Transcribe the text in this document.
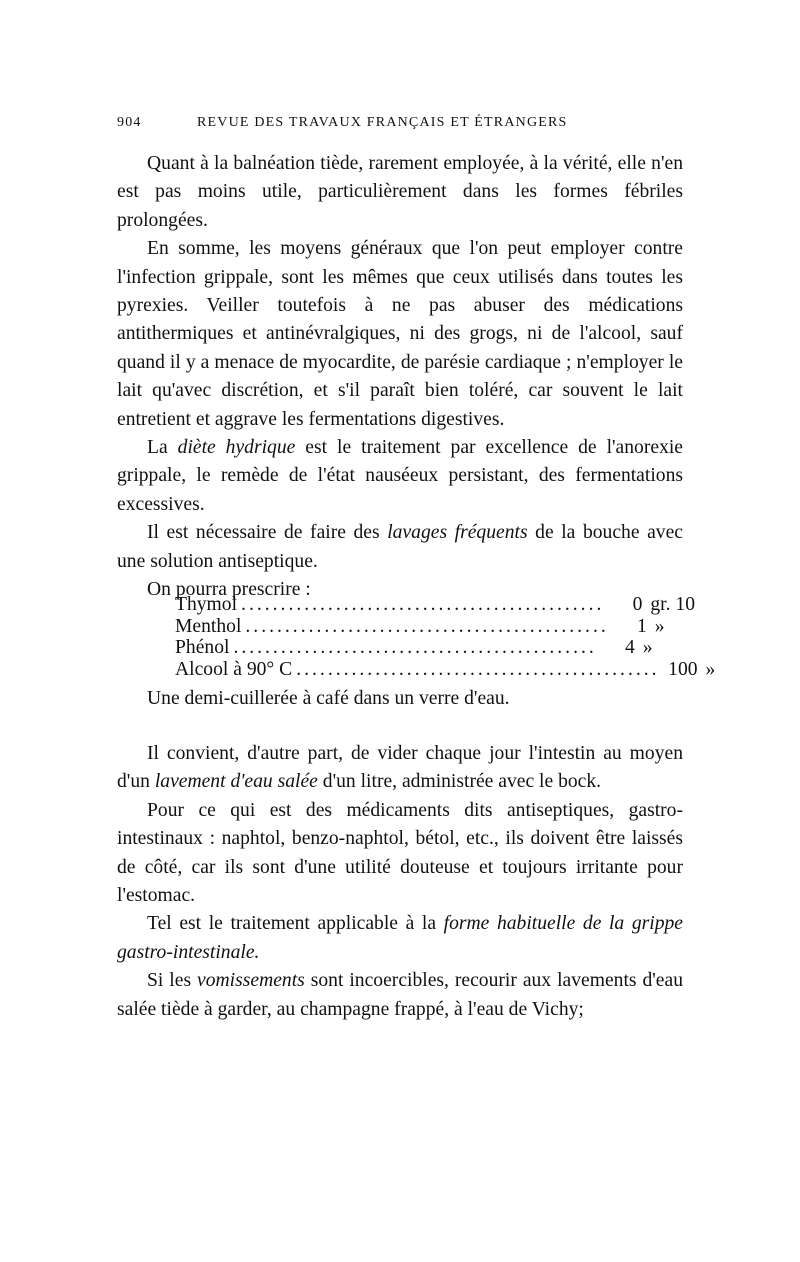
904	REVUE DES TRAVAUX FRANÇAIS ET ÉTRANGERS

Quant à la balnéation tiède, rarement employée, à la vérité, elle n'en est pas moins utile, particulièrement dans les formes fébriles prolongées.

En somme, les moyens généraux que l'on peut employer contre l'infection grippale, sont les mêmes que ceux utilisés dans toutes les pyrexies. Veiller toutefois à ne pas abuser des médications antithermiques et antinévralgiques, ni des grogs, ni de l'alcool, sauf quand il y a menace de myocardite, de parésie cardiaque ; n'employer le lait qu'avec discrétion, et s'il paraît bien toléré, car souvent le lait entretient et aggrave les fermentations digestives.

La diète hydrique est le traitement par excellence de l'anorexie grippale, le remède de l'état nauséeux persistant, des fermentations excessives.

Il est nécessaire de faire des lavages fréquents de la bouche avec une solution antiseptique.

On pourra prescrire :

Thymol ..............................................	0 gr. 10
Menthol ..............................................	1 »
Phénol ..............................................	4 »
Alcool à 90° C .............................................. 100 »
Une demi-cuillerée à café dans un verre d'eau.

Il convient, d'autre part, de vider chaque jour l'intestin au moyen d'un lavement d'eau salée d'un litre, administrée avec le bock.

Pour ce qui est des médicaments dits antiseptiques, gastro-intestinaux : naphtol, benzo-naphtol, bétol, etc., ils doivent être laissés de côté, car ils sont d'une utilité douteuse et toujours irritante pour l'estomac.

Tel est le traitement applicable à la forme habituelle de la grippe gastro-intestinale.

Si les vomissements sont incoercibles, recourir aux lavements d'eau salée tiède à garder, au champagne frappé, à l'eau de Vichy;
